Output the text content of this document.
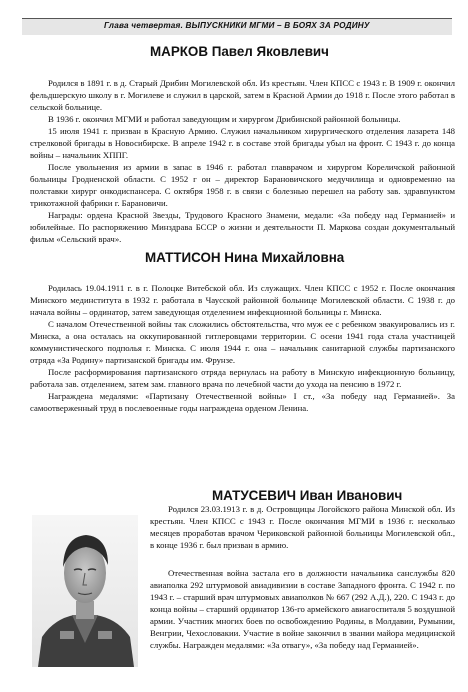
Глава четвертая. ВЫПУСКНИКИ МГМИ – В БОЯХ ЗА РОДИНУ
МАРКОВ Павел Яковлевич

Родился в 1891 г. в д. Старый Дрибин Могилевской обл. Из крестьян. Член КПСС с 1943 г. В 1909 г. окончил фельдшерскую школу в г. Могилеве и служил в царской, затем в Красной Армии до 1918 г. После этого работал в сельской больнице.

В 1936 г. окончил МГМИ и работал заведующим и хирургом Дрибинской районной больницы.

15 июля 1941 г. призван в Красную Армию. Служил начальником хирургического отделения лазарета 148 стрелковой бригады в Новосибирске. В апреле 1942 г. в составе этой бригады убыл на фронт. С 1943 г. до конца войны – начальник ХППГ.

После увольнения из армии в запас в 1946 г. работал главврачом и хирургом Кореличской районной больницы Гродненской области. С 1952 г он – директор Барановичского медучилища и одновременно на полставки хирург онкодиспансера. С октября 1958 г. в связи с болезнью перешел на работу зав. здравпунктом трикотажной фабрики г. Барановичи.

Награды: ордена Красной Звезды, Трудового Красного Знамени, медали: «За победу над Германией» и юбилейные. По распоряжению Минздрава БССР о жизни и деятельности П. Маркова создан документальный фильм «Сельский врач».

МАТТИСОН Нина Михайловна

Родилась 19.04.1911 г. в г. Полоцке Витебской обл. Из служащих. Член КПСС с 1952 г. После окончания Минского мединститута в 1932 г. работала в Чаусской районной больнице Могилевской области. С 1938 г. до начала войны – ординатор, затем заведующая отделением инфекционной больницы г. Минска.

С началом Отечественной войны так сложились обстоятельства, что муж ее с ребенком эвакуировались из г. Минска, а она осталась на оккупированной гитлеровцами территории. С осени 1941 года стала участницей коммунистического подполья г. Минска. С июля 1944 г. она – начальник санитарной службы партизанского отряда «За Родину» партизанской бригады им. Фрунзе.

После расформирования партизанского отряда вернулась на работу в Минскую инфекционную больницу, работала зав. отделением, затем зам. главного врача по лечебной части до ухода на пенсию в 1972 г.

Награждена медалями: «Партизану Отечественной войны» I ст., «За победу над Германией». За самоотверженный труд в послевоенные годы награждена орденом Ленина.

МАТУСЕВИЧ Иван Иванович

Родился 23.03.1913 г. в д. Островщицы Логойского района Минской обл. Из крестьян. Член КПСС с 1943 г. После окончания МГМИ в 1936 г. несколько месяцев проработав врачом Чериковской районной больницы Могилевской обл., в конце 1936 г. был призван в армию.

Отечественная война застала его в должности начальника санслужбы 820 авиаполка 292 штурмовой авиадивизии в составе Западного фронта. С 1942 г. по 1943 г. – старший врач штурмовых авиаполков № 667 (292 А.Д.), 220. С 1943 г. до конца войны – старший ординатор 136-го армейского авиагоспиталя 5 воздушной армии. Участник многих боев по освобождению Родины, в Молдавии, Румынии, Венгрии, Чехословакии. Участие в войне закончил в звании майора медицинской службы. Награжден медалями: «За отвагу», «За победу над Германией».
